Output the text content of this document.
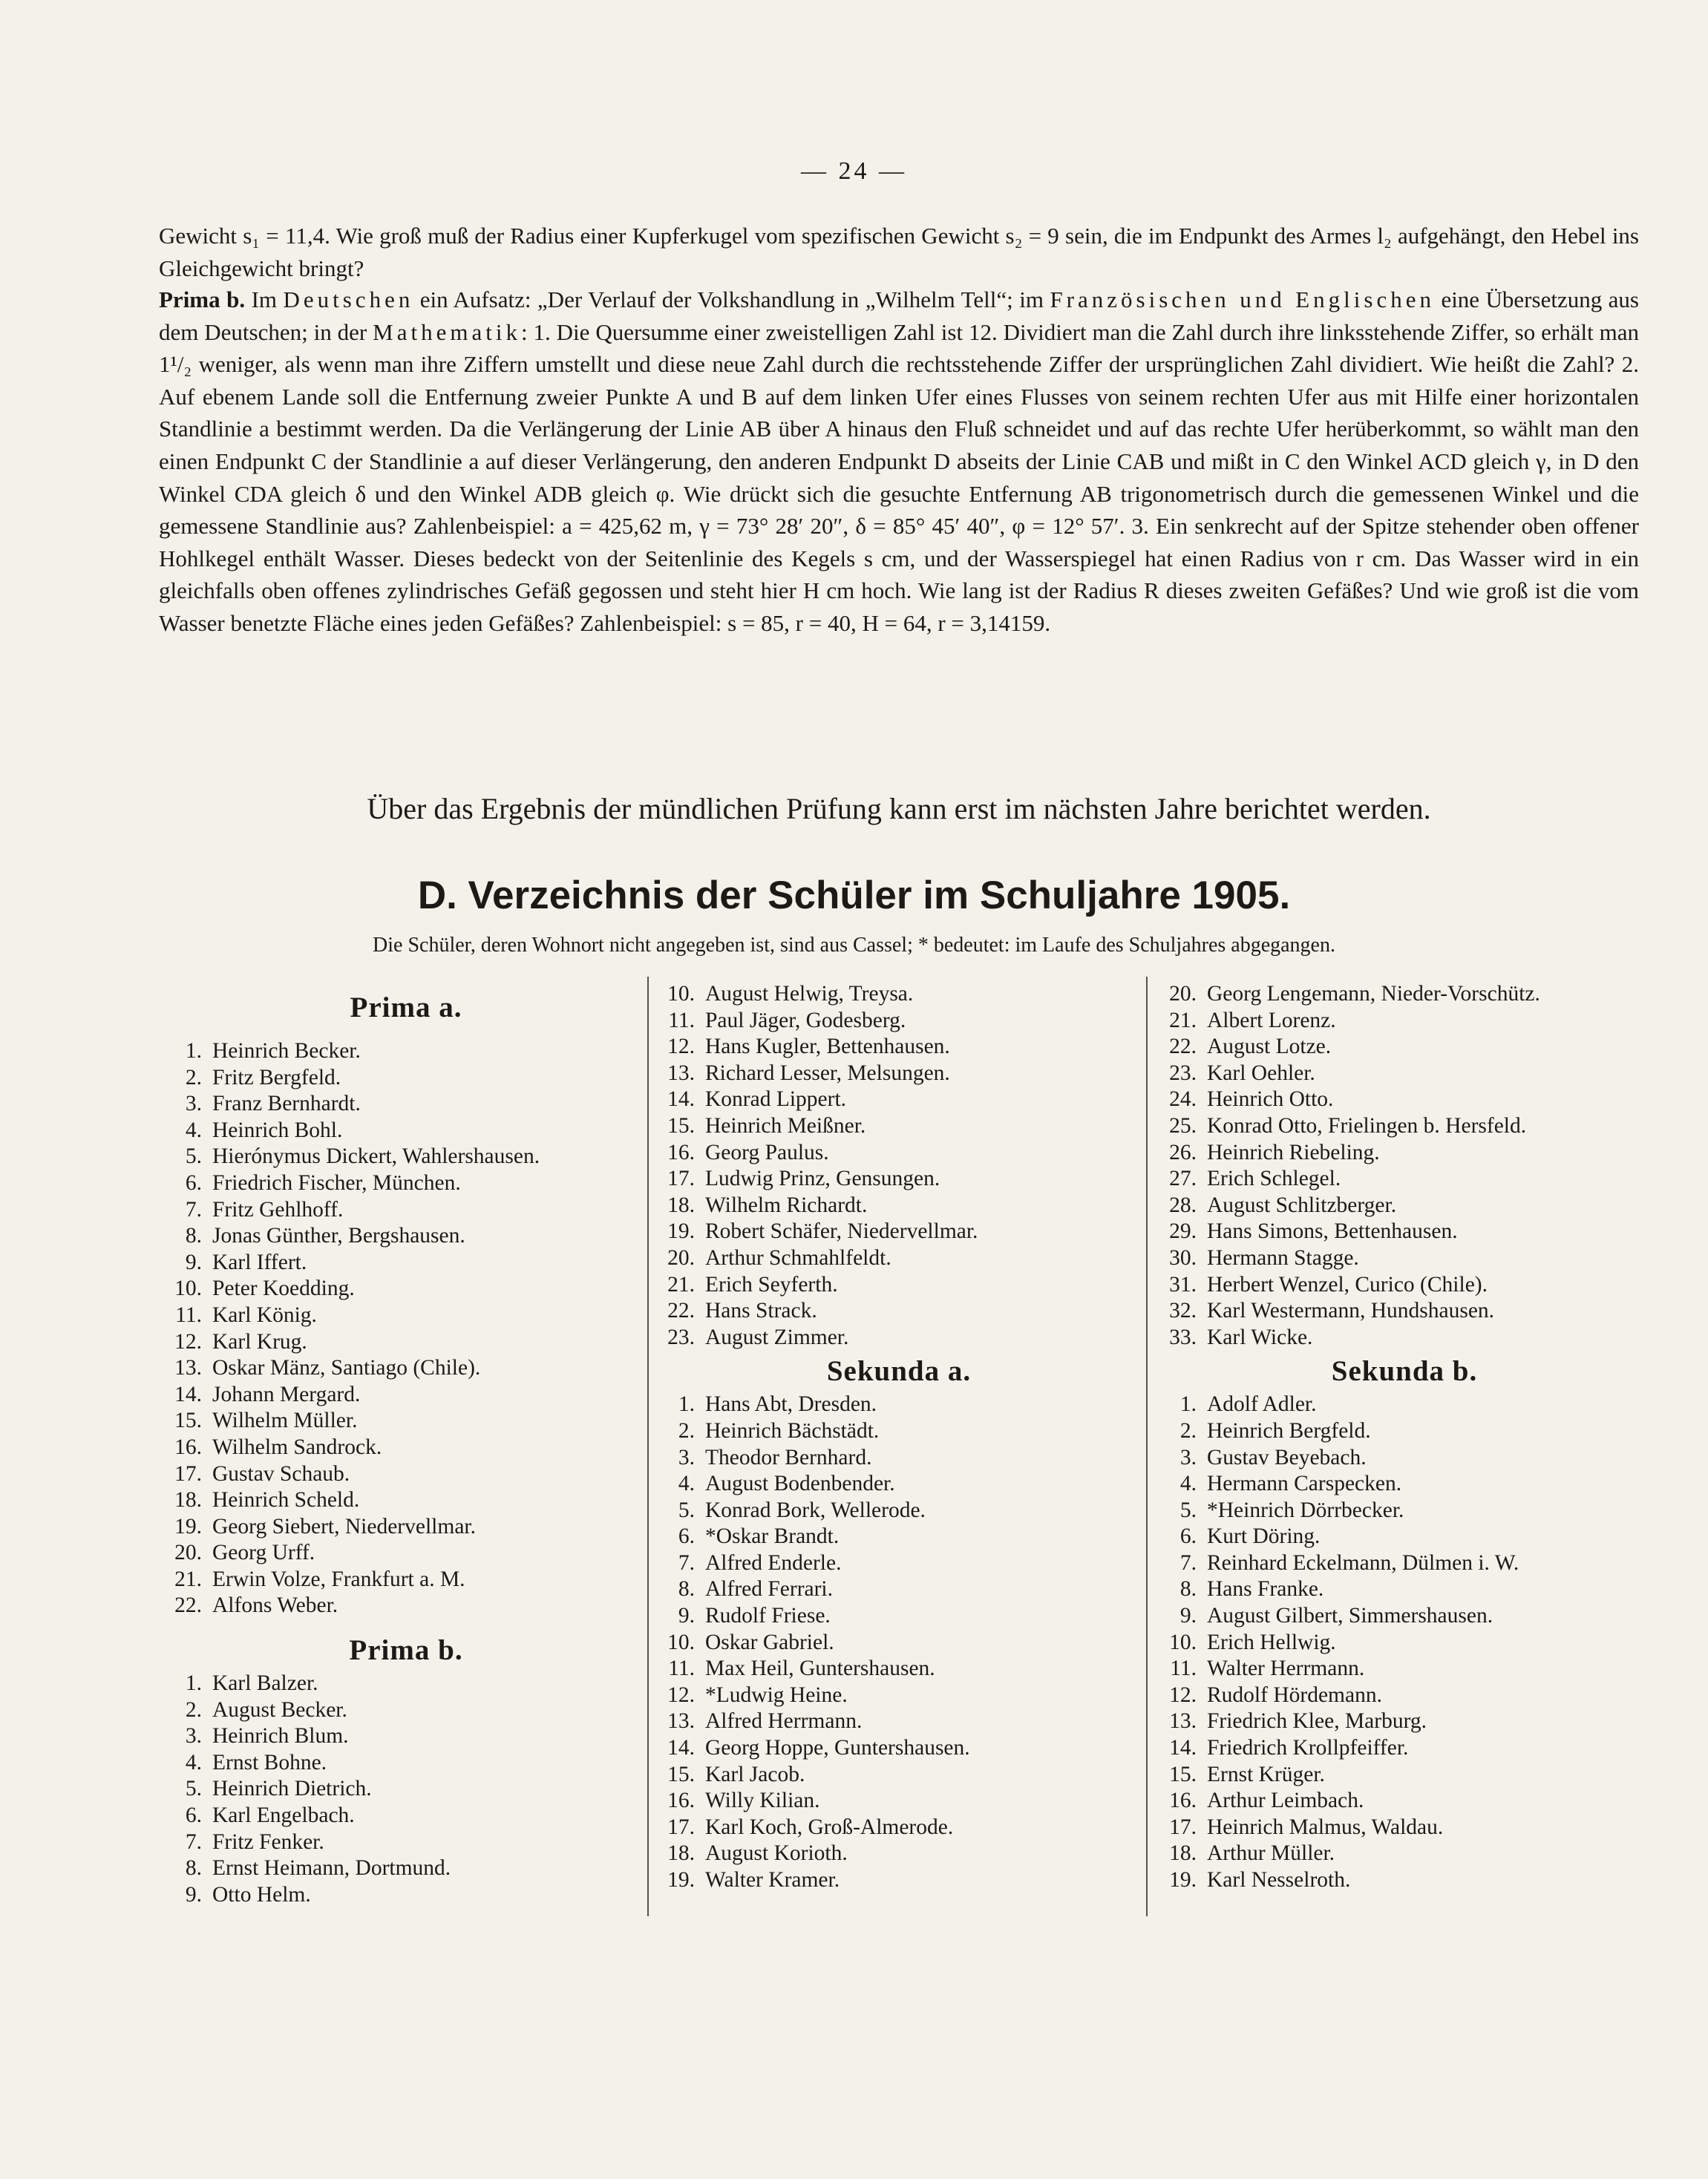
— 24 —

Gewicht s₁ = 11,4. Wie groß muß der Radius einer Kupferkugel vom spezifischen Gewicht s₂ = 9 sein, die im Endpunkt des Armes l₂ aufgehängt, den Hebel ins Gleichgewicht bringt?

Prima b. Im Deutschen ein Aufsatz: „Der Verlauf der Volkshandlung in „Wilhelm Tell“; im Französischen und Englischen eine Übersetzung aus dem Deutschen; in der Mathematik: 1. Die Quersumme einer zweistelligen Zahl ist 12. Dividiert man die Zahl durch ihre linksstehende Ziffer, so erhält man 1¹/₂ weniger, als wenn man ihre Ziffern umstellt und diese neue Zahl durch die rechtsstehende Ziffer der ursprünglichen Zahl dividiert. Wie heißt die Zahl? 2. Auf ebenem Lande soll die Entfernung zweier Punkte A und B auf dem linken Ufer eines Flusses von seinem rechten Ufer aus mit Hilfe einer horizontalen Standlinie a bestimmt werden. Da die Verlängerung der Linie AB über A hinaus den Fluß schneidet und auf das rechte Ufer herüberkommt, so wählt man den einen Endpunkt C der Standlinie a auf dieser Verlängerung, den anderen Endpunkt D abseits der Linie CAB und mißt in C den Winkel ACD gleich γ, in D den Winkel CDA gleich δ und den Winkel ADB gleich φ. Wie drückt sich die gesuchte Entfernung AB trigonometrisch durch die gemessenen Winkel und die gemessene Standlinie aus? Zahlenbeispiel: a = 425,62 m, γ = 73° 28′ 20″, δ = 85° 45′ 40″, φ = 12° 57′. 3. Ein senkrecht auf der Spitze stehender oben offener Hohlkegel enthält Wasser. Dieses bedeckt von der Seitenlinie des Kegels s cm, und der Wasserspiegel hat einen Radius von r cm. Das Wasser wird in ein gleichfalls oben offenes zylindrisches Gefäß gegossen und steht hier H cm hoch. Wie lang ist der Radius R dieses zweiten Gefäßes? Und wie groß ist die vom Wasser benetzte Fläche eines jeden Gefäßes? Zahlenbeispiel: s = 85, r = 40, H = 64, r = 3,14159.

Über das Ergebnis der mündlichen Prüfung kann erst im nächsten Jahre berichtet werden.
D. Verzeichnis der Schüler im Schuljahre 1905.
Die Schüler, deren Wohnort nicht angegeben ist, sind aus Cassel; * bedeutet: im Laufe des Schuljahres abgegangen.
Prima a.
1. Heinrich Becker.
2. Fritz Bergfeld.
3. Franz Bernhardt.
4. Heinrich Bohl.
5. Hierónymus Dickert, Wahlershausen.
6. Friedrich Fischer, München.
7. Fritz Gehlhoff.
8. Jonas Günther, Bergshausen.
9. Karl Iffert.
10. Peter Koedding.
11. Karl König.
12. Karl Krug.
13. Oskar Mänz, Santiago (Chile).
14. Johann Mergard.
15. Wilhelm Müller.
16. Wilhelm Sandrock.
17. Gustav Schaub.
18. Heinrich Scheld.
19. Georg Siebert, Niedervellmar.
20. Georg Urff.
21. Erwin Volze, Frankfurt a. M.
22. Alfons Weber.
Prima b.
1. Karl Balzer.
2. August Becker.
3. Heinrich Blum.
4. Ernst Bohne.
5. Heinrich Dietrich.
6. Karl Engelbach.
7. Fritz Fenker.
8. Ernst Heimann, Dortmund.
9. Otto Helm.
10. August Helwig, Treysa.
11. Paul Jäger, Godesberg.
12. Hans Kugler, Bettenhausen.
13. Richard Lesser, Melsungen.
14. Konrad Lippert.
15. Heinrich Meißner.
16. Georg Paulus.
17. Ludwig Prinz, Gensungen.
18. Wilhelm Richardt.
19. Robert Schäfer, Niedervellmar.
20. Arthur Schmahlfeldt.
21. Erich Seyferth.
22. Hans Strack.
23. August Zimmer.
Sekunda a.
1. Hans Abt, Dresden.
2. Heinrich Bächstädt.
3. Theodor Bernhard.
4. August Bodenbender.
5. Konrad Bork, Wellerode.
6. *Oskar Brandt.
7. Alfred Enderle.
8. Alfred Ferrari.
9. Rudolf Friese.
10. Oskar Gabriel.
11. Max Heil, Guntershausen.
12. *Ludwig Heine.
13. Alfred Herrmann.
14. Georg Hoppe, Guntershausen.
15. Karl Jacob.
16. Willy Kilian.
17. Karl Koch, Groß-Almerode.
18. August Korioth.
19. Walter Kramer.
20. Georg Lengemann, Nieder-Vorschütz.
21. Albert Lorenz.
22. August Lotze.
23. Karl Oehler.
24. Heinrich Otto.
25. Konrad Otto, Frielingen b. Hersfeld.
26. Heinrich Riebeling.
27. Erich Schlegel.
28. August Schlitzberger.
29. Hans Simons, Bettenhausen.
30. Hermann Stagge.
31. Herbert Wenzel, Curico (Chile).
32. Karl Westermann, Hundshausen.
33. Karl Wicke.
Sekunda b.
1. Adolf Adler.
2. Heinrich Bergfeld.
3. Gustav Beyebach.
4. Hermann Carspecken.
5. *Heinrich Dörrbecker.
6. Kurt Döring.
7. Reinhard Eckelmann, Dülmen i. W.
8. Hans Franke.
9. August Gilbert, Simmershausen.
10. Erich Hellwig.
11. Walter Herrmann.
12. Rudolf Hördemann.
13. Friedrich Klee, Marburg.
14. Friedrich Krollpfeiffer.
15. Ernst Krüger.
16. Arthur Leimbach.
17. Heinrich Malmus, Waldau.
18. Arthur Müller.
19. Karl Nesselroth.
